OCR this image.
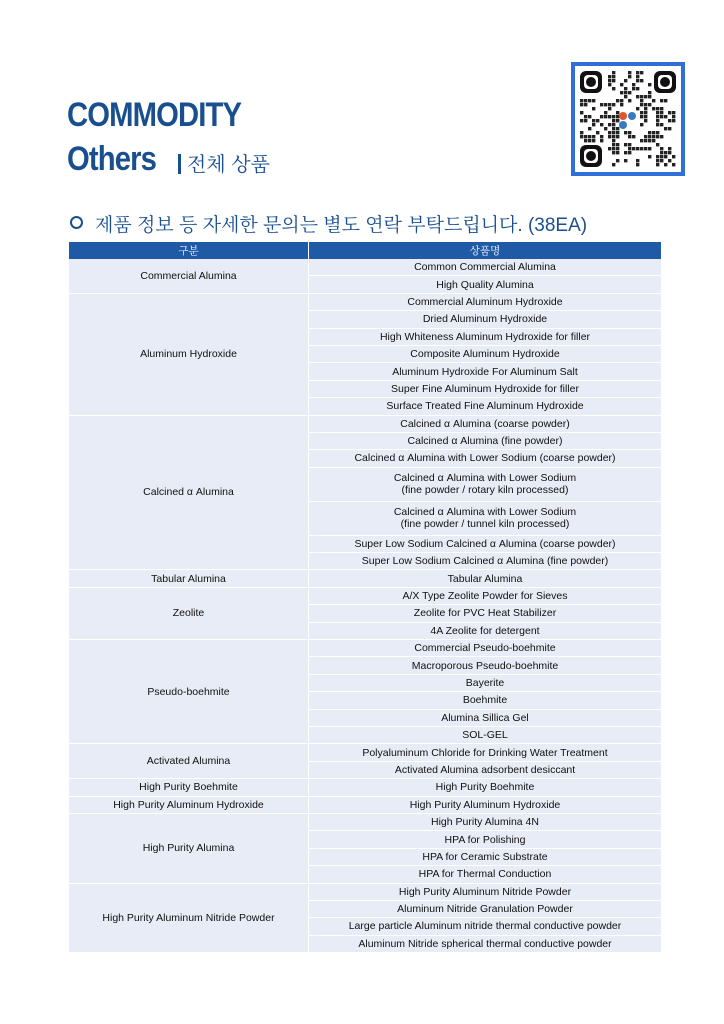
COMMODITY
Others	전체 상품
제품 정보 등 자세한 문의는 별도 연락 부탁드립니다. (38EA)
구분	상품명
Commercial Alumina	Common Commercial Alumina
	High Quality Alumina
Aluminum Hydroxide	Commercial Aluminum Hydroxide
	Dried Aluminum Hydroxide
	High Whiteness Aluminum Hydroxide for filler
	Composite Aluminum Hydroxide
	Aluminum Hydroxide For Aluminum Salt
	Super Fine Aluminum Hydroxide for filler
	Surface Treated Fine Aluminum Hydroxide
Calcined α Alumina	Calcined α Alumina (coarse powder)
	Calcined α Alumina (fine powder)
	Calcined α Alumina with Lower Sodium (coarse powder)
	Calcined α Alumina with Lower Sodium
(fine powder / rotary kiln processed)
	Calcined α Alumina with Lower Sodium
(fine powder / tunnel kiln processed)
	Super Low Sodium Calcined α Alumina (coarse powder)
	Super Low Sodium Calcined α Alumina (fine powder)
Tabular Alumina	Tabular Alumina
Zeolite	A/X Type Zeolite Powder for Sieves
	Zeolite for PVC Heat Stabilizer
	4A Zeolite for detergent
Pseudo-boehmite	Commercial Pseudo-boehmite
	Macroporous Pseudo-boehmite
	Bayerite
	Boehmite
	Alumina Sillica Gel
	SOL-GEL
Activated Alumina	Polyaluminum Chloride for Drinking Water Treatment
	Activated Alumina adsorbent desiccant
High Purity Boehmite	High Purity Boehmite
High Purity Aluminum Hydroxide	High Purity Aluminum Hydroxide
High Purity Alumina	High Purity Alumina 4N
	HPA for Polishing
	HPA for Ceramic Substrate
	HPA for Thermal Conduction
High Purity Aluminum Nitride Powder	High Purity Aluminum Nitride Powder
	Aluminum Nitride Granulation Powder
	Large particle Aluminum nitride thermal conductive powder
	Aluminum Nitride spherical thermal conductive powder
